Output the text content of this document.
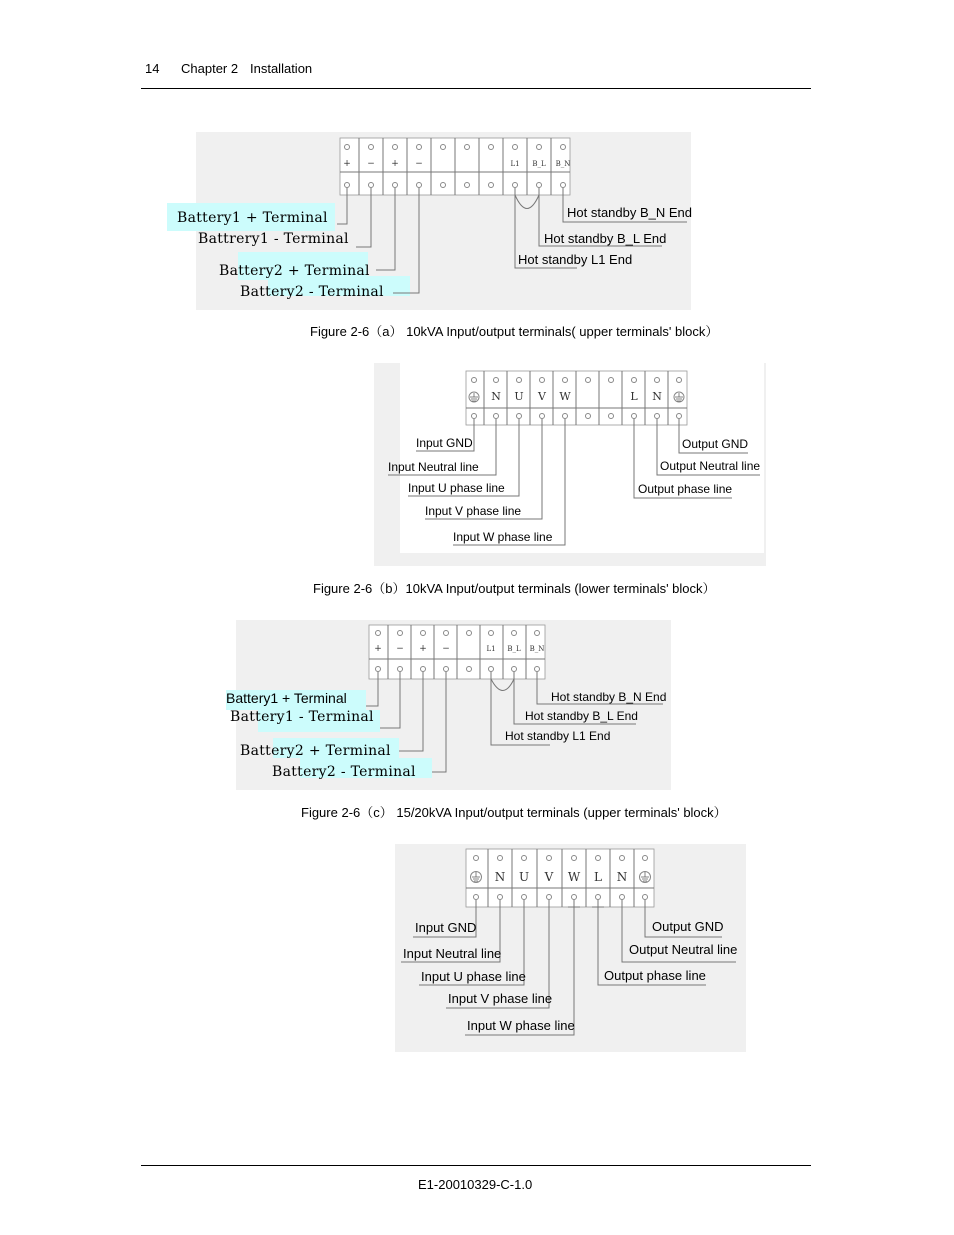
14 Chapter 2 Installation
+ − + −	L1 B_L B_N
Battery1 + Terminal
Battrery1 - Terminal
Battery2 + Terminal
Battery2 - Terminal
Hot standby B_N End
Hot standby B_L End
Hot standby L1 End
Figure 2-6（a） 10kVA Input/output terminals( upper terminals' block）
N U V W	L N
Input GND
Input Neutral line
Input U phase line
Input V phase line
Input W phase line
Output GND
Output Neutral line
Output phase line
Figure 2-6（b）10kVA Input/output terminals (lower terminals' block）
+ − + −	L1 B_L B_N
Battery1 + Terminal
Battery1 - Terminal
Battery2 + Terminal
Battery2 - Terminal
Hot standby B_N End
Hot standby B_L End
Hot standby L1 End
Figure 2-6（c） 15/20kVA Input/output terminals (upper terminals' block）
N U V W L N
Input GND
Input Neutral line
Input U phase line
Input V phase line
Input W phase line
Output GND
Output Neutral line
Output phase line
E1-20010329-C-1.0
